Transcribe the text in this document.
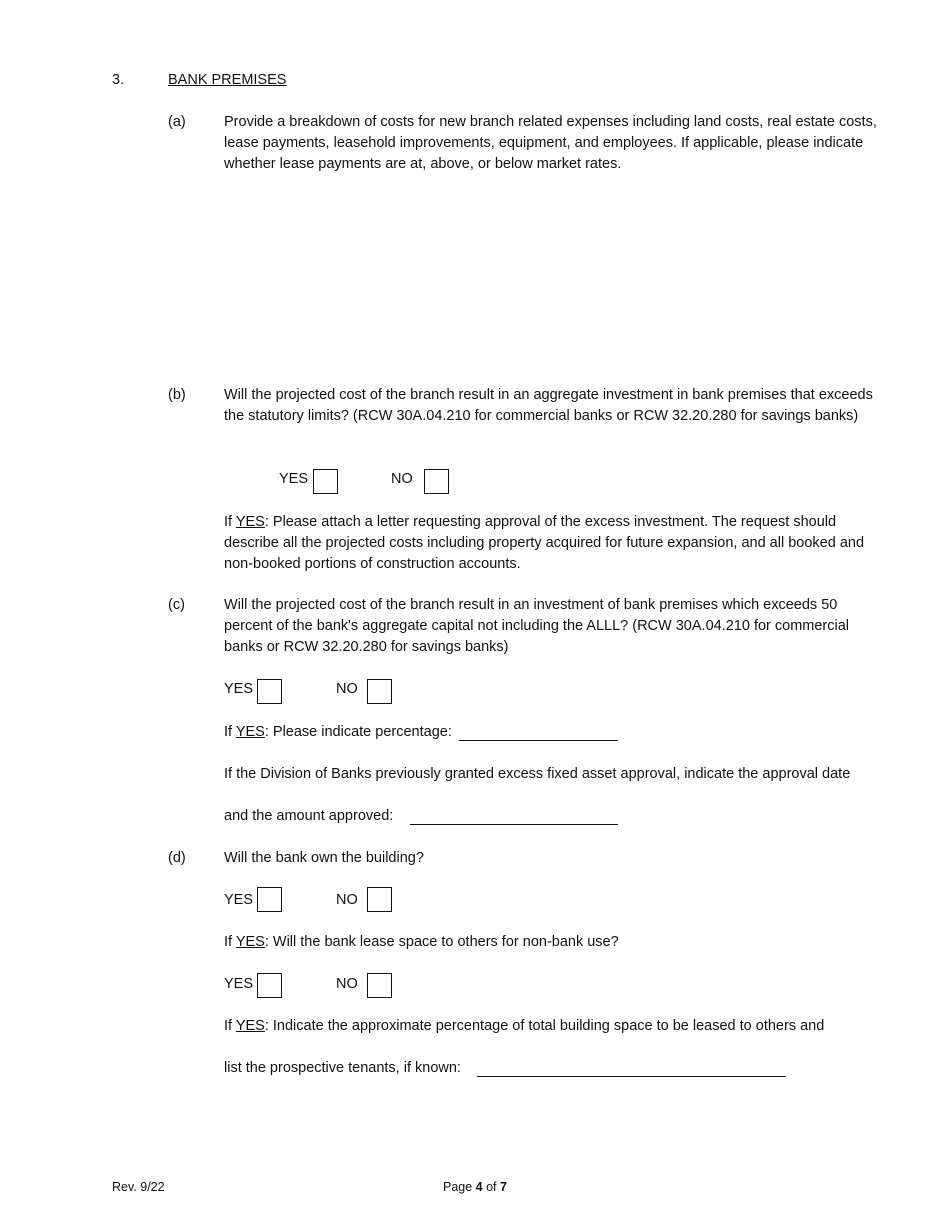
3.	BANK PREMISES
(a)	Provide a breakdown of costs for new branch related expenses including land costs, real estate costs, lease payments, leasehold improvements, equipment, and employees. If applicable, please indicate whether lease payments are at, above, or below market rates.
(b)	Will the projected cost of the branch result in an aggregate investment in bank premises that exceeds the statutory limits? (RCW 30A.04.210 for commercial banks or RCW 32.20.280 for savings banks)
YES	NO
If YES: Please attach a letter requesting approval of the excess investment. The request should describe all the projected costs including property acquired for future expansion, and all booked and non-booked portions of construction accounts.
(c)	Will the projected cost of the branch result in an investment of bank premises which exceeds 50 percent of the bank's aggregate capital not including the ALLL? (RCW 30A.04.210 for commercial banks or RCW 32.20.280 for savings banks)
YES	NO
If YES: Please indicate percentage:
If the Division of Banks previously granted excess fixed asset approval, indicate the approval date
and the amount approved:
(d)	Will the bank own the building?
YES	NO
If YES: Will the bank lease space to others for non-bank use?
YES	NO
If YES: Indicate the approximate percentage of total building space to be leased to others and
list the prospective tenants, if known:
Rev. 9/22	Page 4 of 7
